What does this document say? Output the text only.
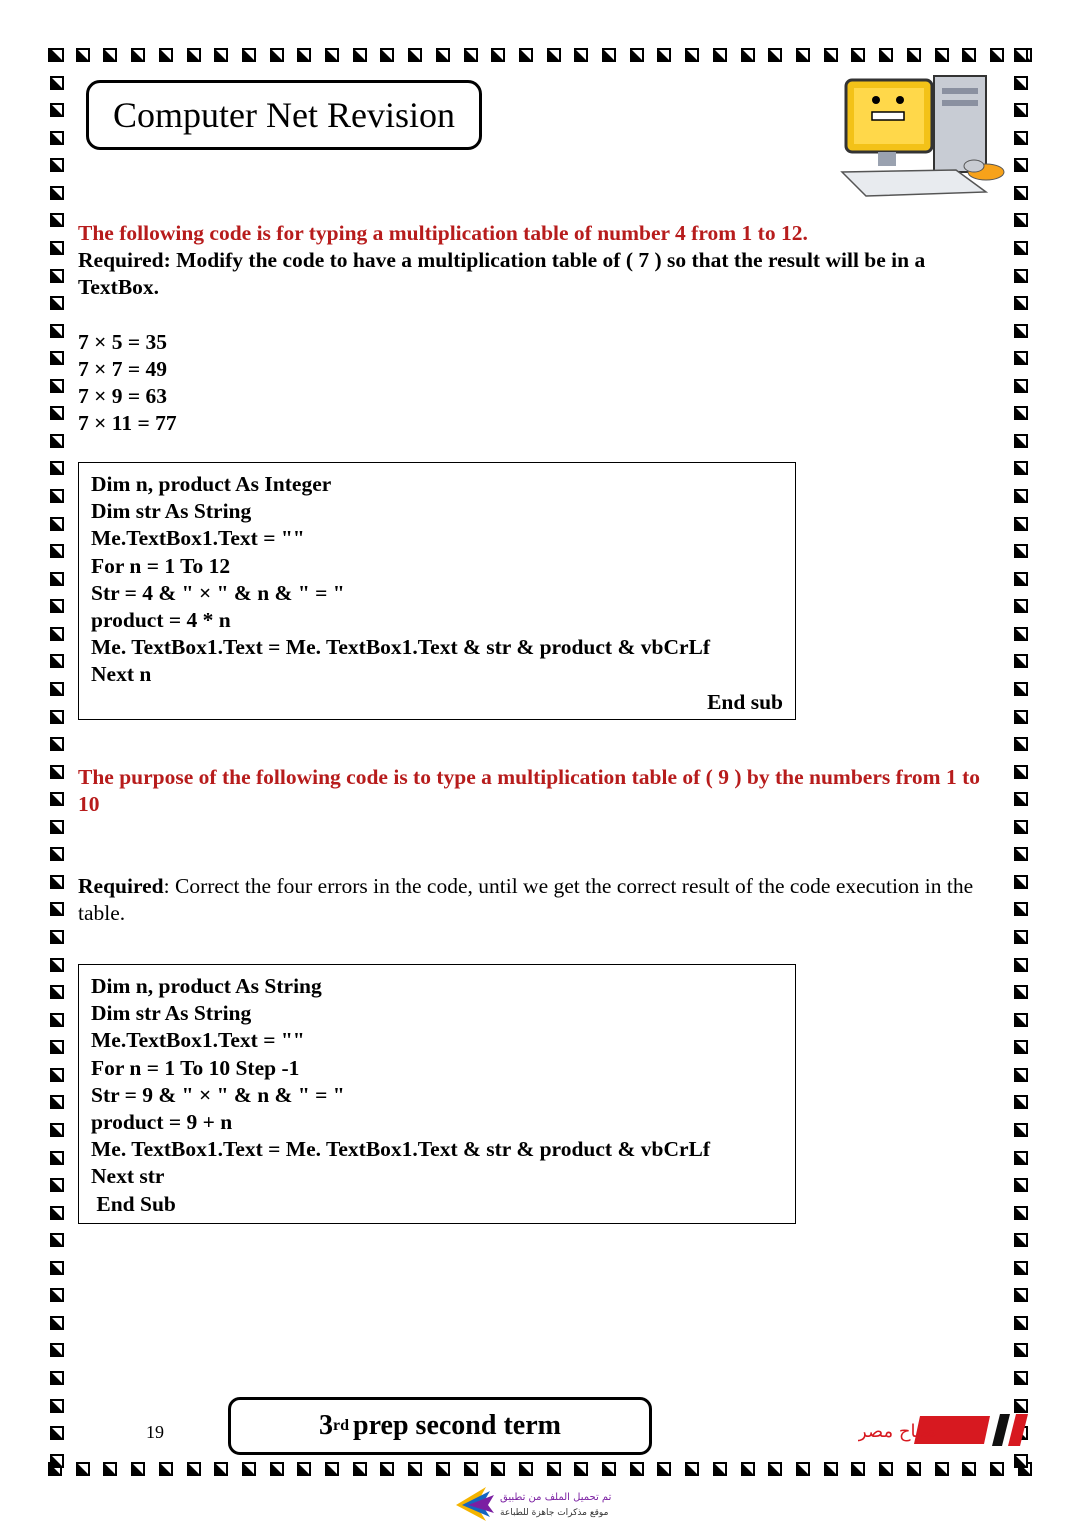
Computer Net Revision
The following code is for typing a multiplication table of number 4 from 1 to 12.
Required: Modify the code to have a multiplication table of ( 7 ) so that the result will be in a TextBox.
7 × 5 = 35
7 × 7 = 49
7 × 9 = 63
7 × 11 = 77
Dim n, product As Integer
Dim str As String
Me.TextBox1.Text = ""
For n = 1 To 12
Str = 4 & " × " & n & " = "
product = 4 * n
Me. TextBox1.Text = Me. TextBox1.Text & str & product & vbCrLf
Next n
End sub
The purpose of the following code is to type a multiplication table of ( 9 ) by the numbers from 1 to 10
Required: Correct the four errors in the code, until we get the correct result of the code execution in the table.
Dim n, product As String
Dim str As String
Me.TextBox1.Text = ""
For n = 1 To 10 Step -1
Str = 9 & " × " & n & " = "
product = 9 + n
Me. TextBox1.Text = Me. TextBox1.Text & str & product & vbCrLf
Next str
End Sub
19	3 rd prep second term	صباح مصر
تم تحميل الملف من تطبيق
موقع مذكرات جاهزة للطباعة
